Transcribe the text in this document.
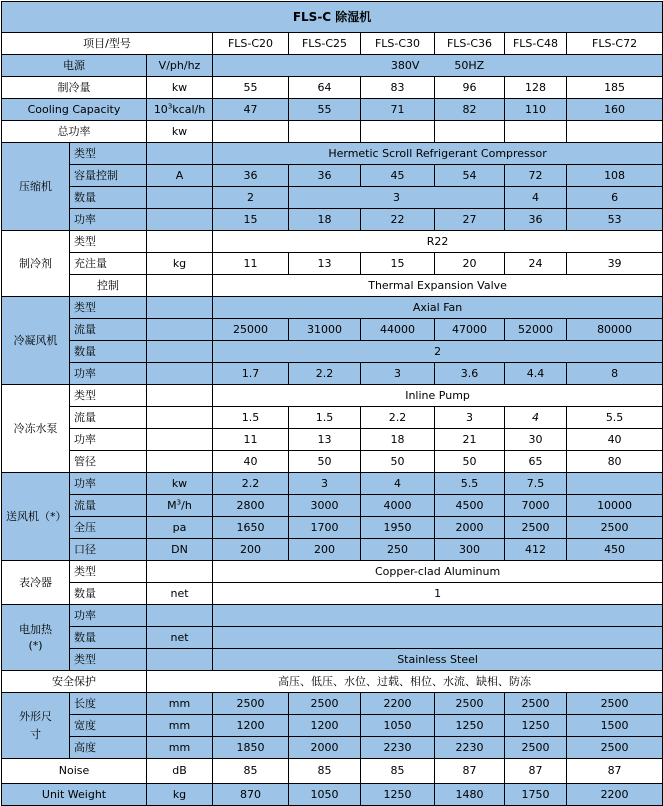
FLS-C 除湿机								
项目/型号			FLS-C20	FLS-C25	FLS-C30	FLS-C36	FLS-C48	FLS-C72
电源		V/ph/hz	380V          50HZ					
制冷量		kw	55	64	83	96	128	185
Cooling Capacity		$10^3kcal/h$	47	55	71	82	110	160
总功率		kw						
压缩机	类型		Hermetic Scroll Refrigerant Compressor					
	容量控制	A	36	36	45	54	72	108
	数量		2	3			4	6
	功率		15	18	22	27	36	53
制冷剂	类型		R22					
	充注量	kg	11	13	15	20	24	39
	控制		Thermal Expansion Valve					
冷凝风机	类型		Axial Fan					
	流量		25000	31000	44000	47000	52000	80000
	数量		2					
	功率		1.7	2.2	3	3.6	4.4	8
冷冻水泵	类型		Inline Pump					
	流量		1.5	1.5	2.2	3	4	5.5
	功率		11	13	18	21	30	40
	管径		40	50	50	50	65	80
送风机（*）	功率	kw	2.2	3	4	5.5	7.5	
	流量	$M^3/h$	2800	3000	4000	4500	7000	10000
	全压	pa	1650	1700	1950	2000	2500	2500
	口径	DN	200	200	250	300	412	450
表冷器	类型		Copper-clad Aluminum					
	数量	net	1					
电加热
(*)	功率							
	数量	net						
	类型		Stainless Steel					
安全保护		高压、低压、水位、过载、相位、水流、缺相、防冻						
外形尺
寸	长度	mm	2500	2500	2200	2500	2500	2500
	宽度	mm	1200	1200	1050	1250	1250	1500
	高度	mm	1850	2000	2230	2230	2500	2500
Noise		dB	85	85	85	87	87	87
Unit Weight		kg	870	1050	1250	1480	1750	2200
